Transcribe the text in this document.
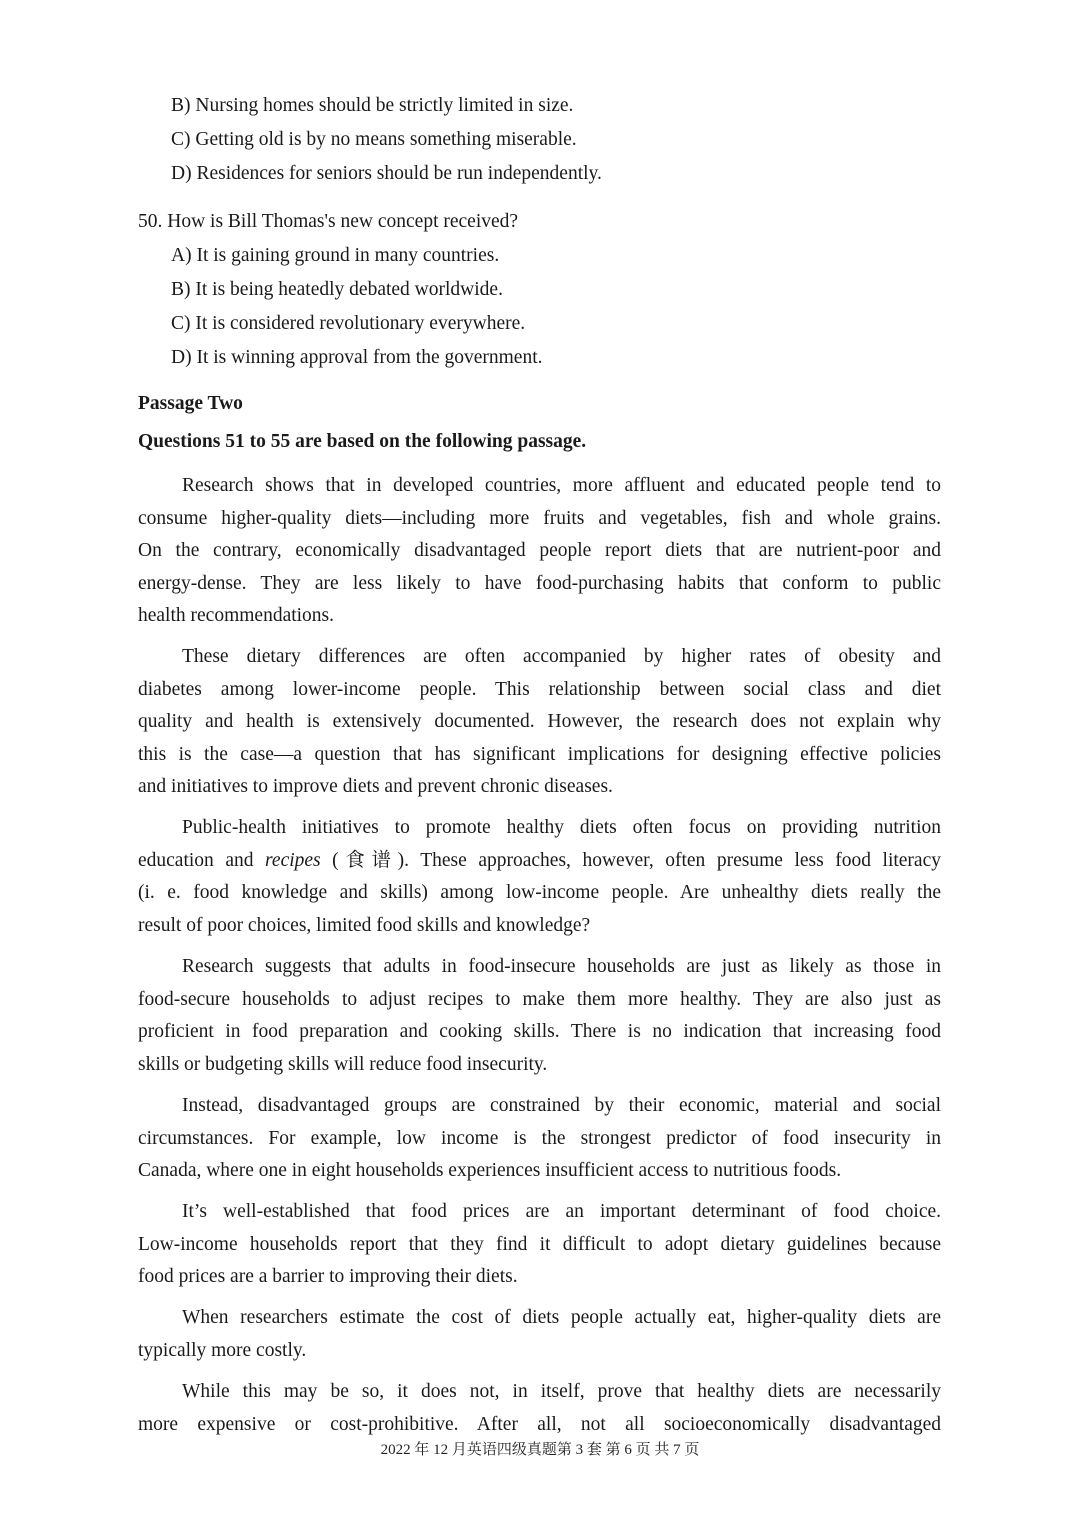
B) Nursing homes should be strictly limited in size.
C) Getting old is by no means something miserable.
D) Residences for seniors should be run independently.
50. How is Bill Thomas's new concept received?
A) It is gaining ground in many countries.
B) It is being heatedly debated worldwide.
C) It is considered revolutionary everywhere.
D) It is winning approval from the government.
Passage Two
Questions 51 to 55 are based on the following passage.
Research shows that in developed countries, more affluent and educated people tend to
consume higher-quality diets—including more fruits and vegetables, fish and whole grains.
On the contrary, economically disadvantaged people report diets that are nutrient-poor and
energy-dense. They are less likely to have food-purchasing habits that conform to public
health recommendations.
These dietary differences are often accompanied by higher rates of obesity and
diabetes among lower-income people. This relationship between social class and diet
quality and health is extensively documented. However, the research does not explain why
this is the case—a question that has significant implications for designing effective policies
and initiatives to improve diets and prevent chronic diseases.
Public-health initiatives to promote healthy diets often focus on providing nutrition
education and recipes (食谱). These approaches, however, often presume less food literacy
(i. e. food knowledge and skills) among low-income people. Are unhealthy diets really the
result of poor choices, limited food skills and knowledge?
Research suggests that adults in food-insecure households are just as likely as those in
food-secure households to adjust recipes to make them more healthy. They are also just as
proficient in food preparation and cooking skills. There is no indication that increasing food
skills or budgeting skills will reduce food insecurity.
Instead, disadvantaged groups are constrained by their economic, material and social
circumstances. For example, low income is the strongest predictor of food insecurity in
Canada, where one in eight households experiences insufficient access to nutritious foods.
It’s well-established that food prices are an important determinant of food choice.
Low-income households report that they find it difficult to adopt dietary guidelines because
food prices are a barrier to improving their diets.
When researchers estimate the cost of diets people actually eat, higher-quality diets are
typically more costly.
While this may be so, it does not, in itself, prove that healthy diets are necessarily
more expensive or cost-prohibitive. After all, not all socioeconomically disadvantaged
2022 年 12 月英语四级真题第 3 套 第 6 页 共 7 页
